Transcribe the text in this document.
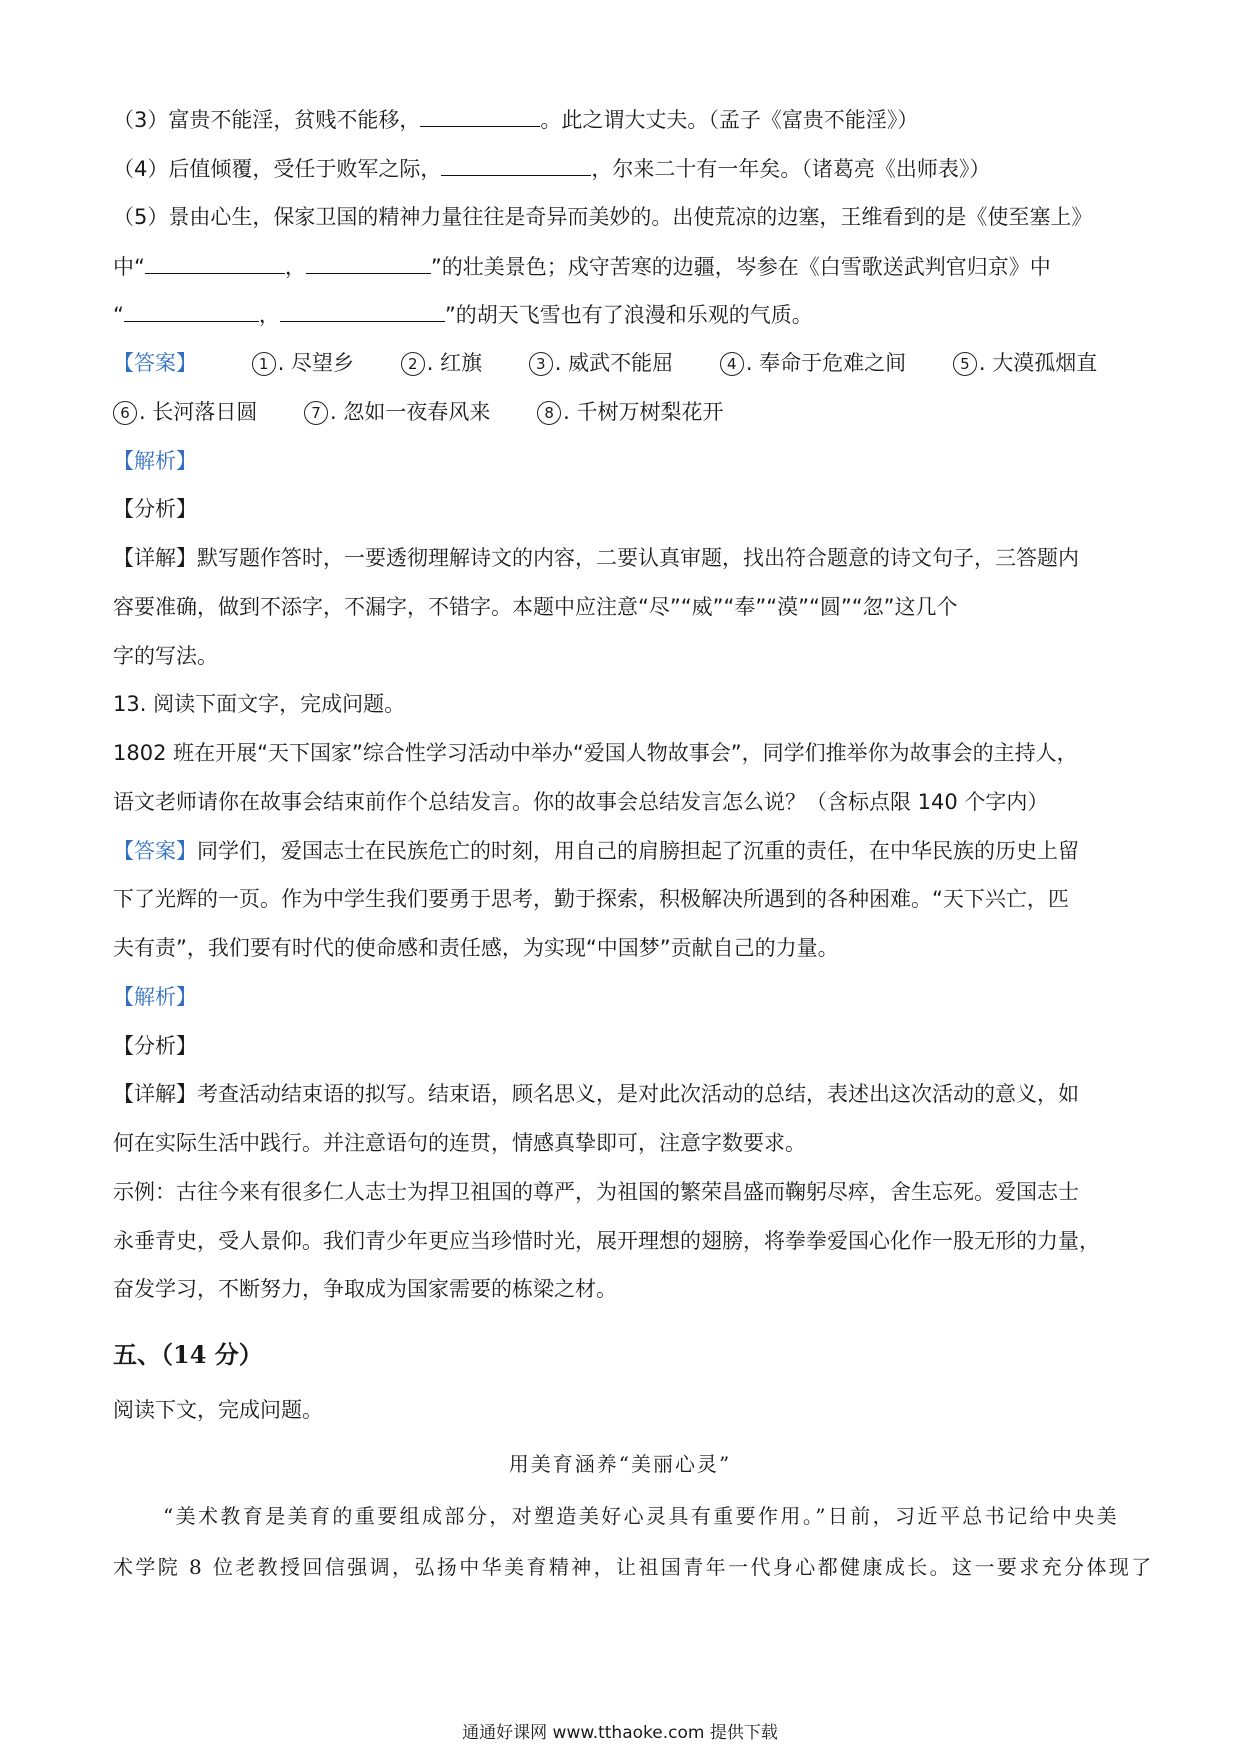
（3）富贵不能淫，贫贱不能移，	。此之谓大丈夫。（孟子《富贵不能淫》）
（4）后值倾覆，受任于败军之际，	，尔来二十有一年矣。（诸葛亮《出师表》）
（5）景由心生，保家卫国的精神力量往往是奇异而美妙的。出使荒凉的边塞，王维看到的是《使至塞上》
中“	，	”的壮美景色；戍守苦寒的边疆，岑参在《白雪歌送武判官归京》中
“	，	”的胡天飞雪也有了浪漫和乐观的气质。
【答案】	1 . 尽望乡	2 . 红旗	3 . 威武不能屈	4 . 奉命于危难之间	5 . 大漠孤烟直
6 . 长河落日圆	7 . 忽如一夜春风来	8 . 千树万树梨花开
【解析】
【分析】
【详解】默写题作答时，一要透彻理解诗文的内容，二要认真审题，找出符合题意的诗文句子，三答题内
容要准确，做到不添字，不漏字，不错字。本题中应注意“尽”“威”“奉”“漠”“圆”“忽”这几个
字的写法。
13. 阅读下面文字，完成问题。
1802 班在开展“天下国家”综合性学习活动中举办“爱国人物故事会”，同学们推举你为故事会的主持人，
语文老师请你在故事会结束前作个总结发言。你的故事会总结发言怎么说？（含标点限 140 个字内）
【答案】同学们，爱国志士在民族危亡的时刻，用自己的肩膀担起了沉重的责任，在中华民族的历史上留
下了光辉的一页。作为中学生我们要勇于思考，勤于探索，积极解决所遇到的各种困难。“天下兴亡，匹
夫有责”，我们要有时代的使命感和责任感，为实现“中国梦”贡献自己的力量。
【解析】
【分析】
【详解】考查活动结束语的拟写。结束语，顾名思义，是对此次活动的总结，表述出这次活动的意义，如
何在实际生活中践行。并注意语句的连贯，情感真挚即可，注意字数要求。
示例：古往今来有很多仁人志士为捍卫祖国的尊严，为祖国的繁荣昌盛而鞠躬尽瘁，舍生忘死。爱国志士
永垂青史，受人景仰。我们青少年更应当珍惜时光，展开理想的翅膀，将拳拳爱国心化作一股无形的力量，
奋发学习，不断努力，争取成为国家需要的栋梁之材。
五、（14 分）
阅读下文，完成问题。
用美育涵养“美丽心灵”
“美术教育是美育的重要组成部分，对塑造美好心灵具有重要作用。”日前，习近平总书记给中央美
术学院 8 位老教授回信强调，弘扬中华美育精神，让祖国青年一代身心都健康成长。这一要求充分体现了
通通好课网 www.tthaoke.com 提供下载
